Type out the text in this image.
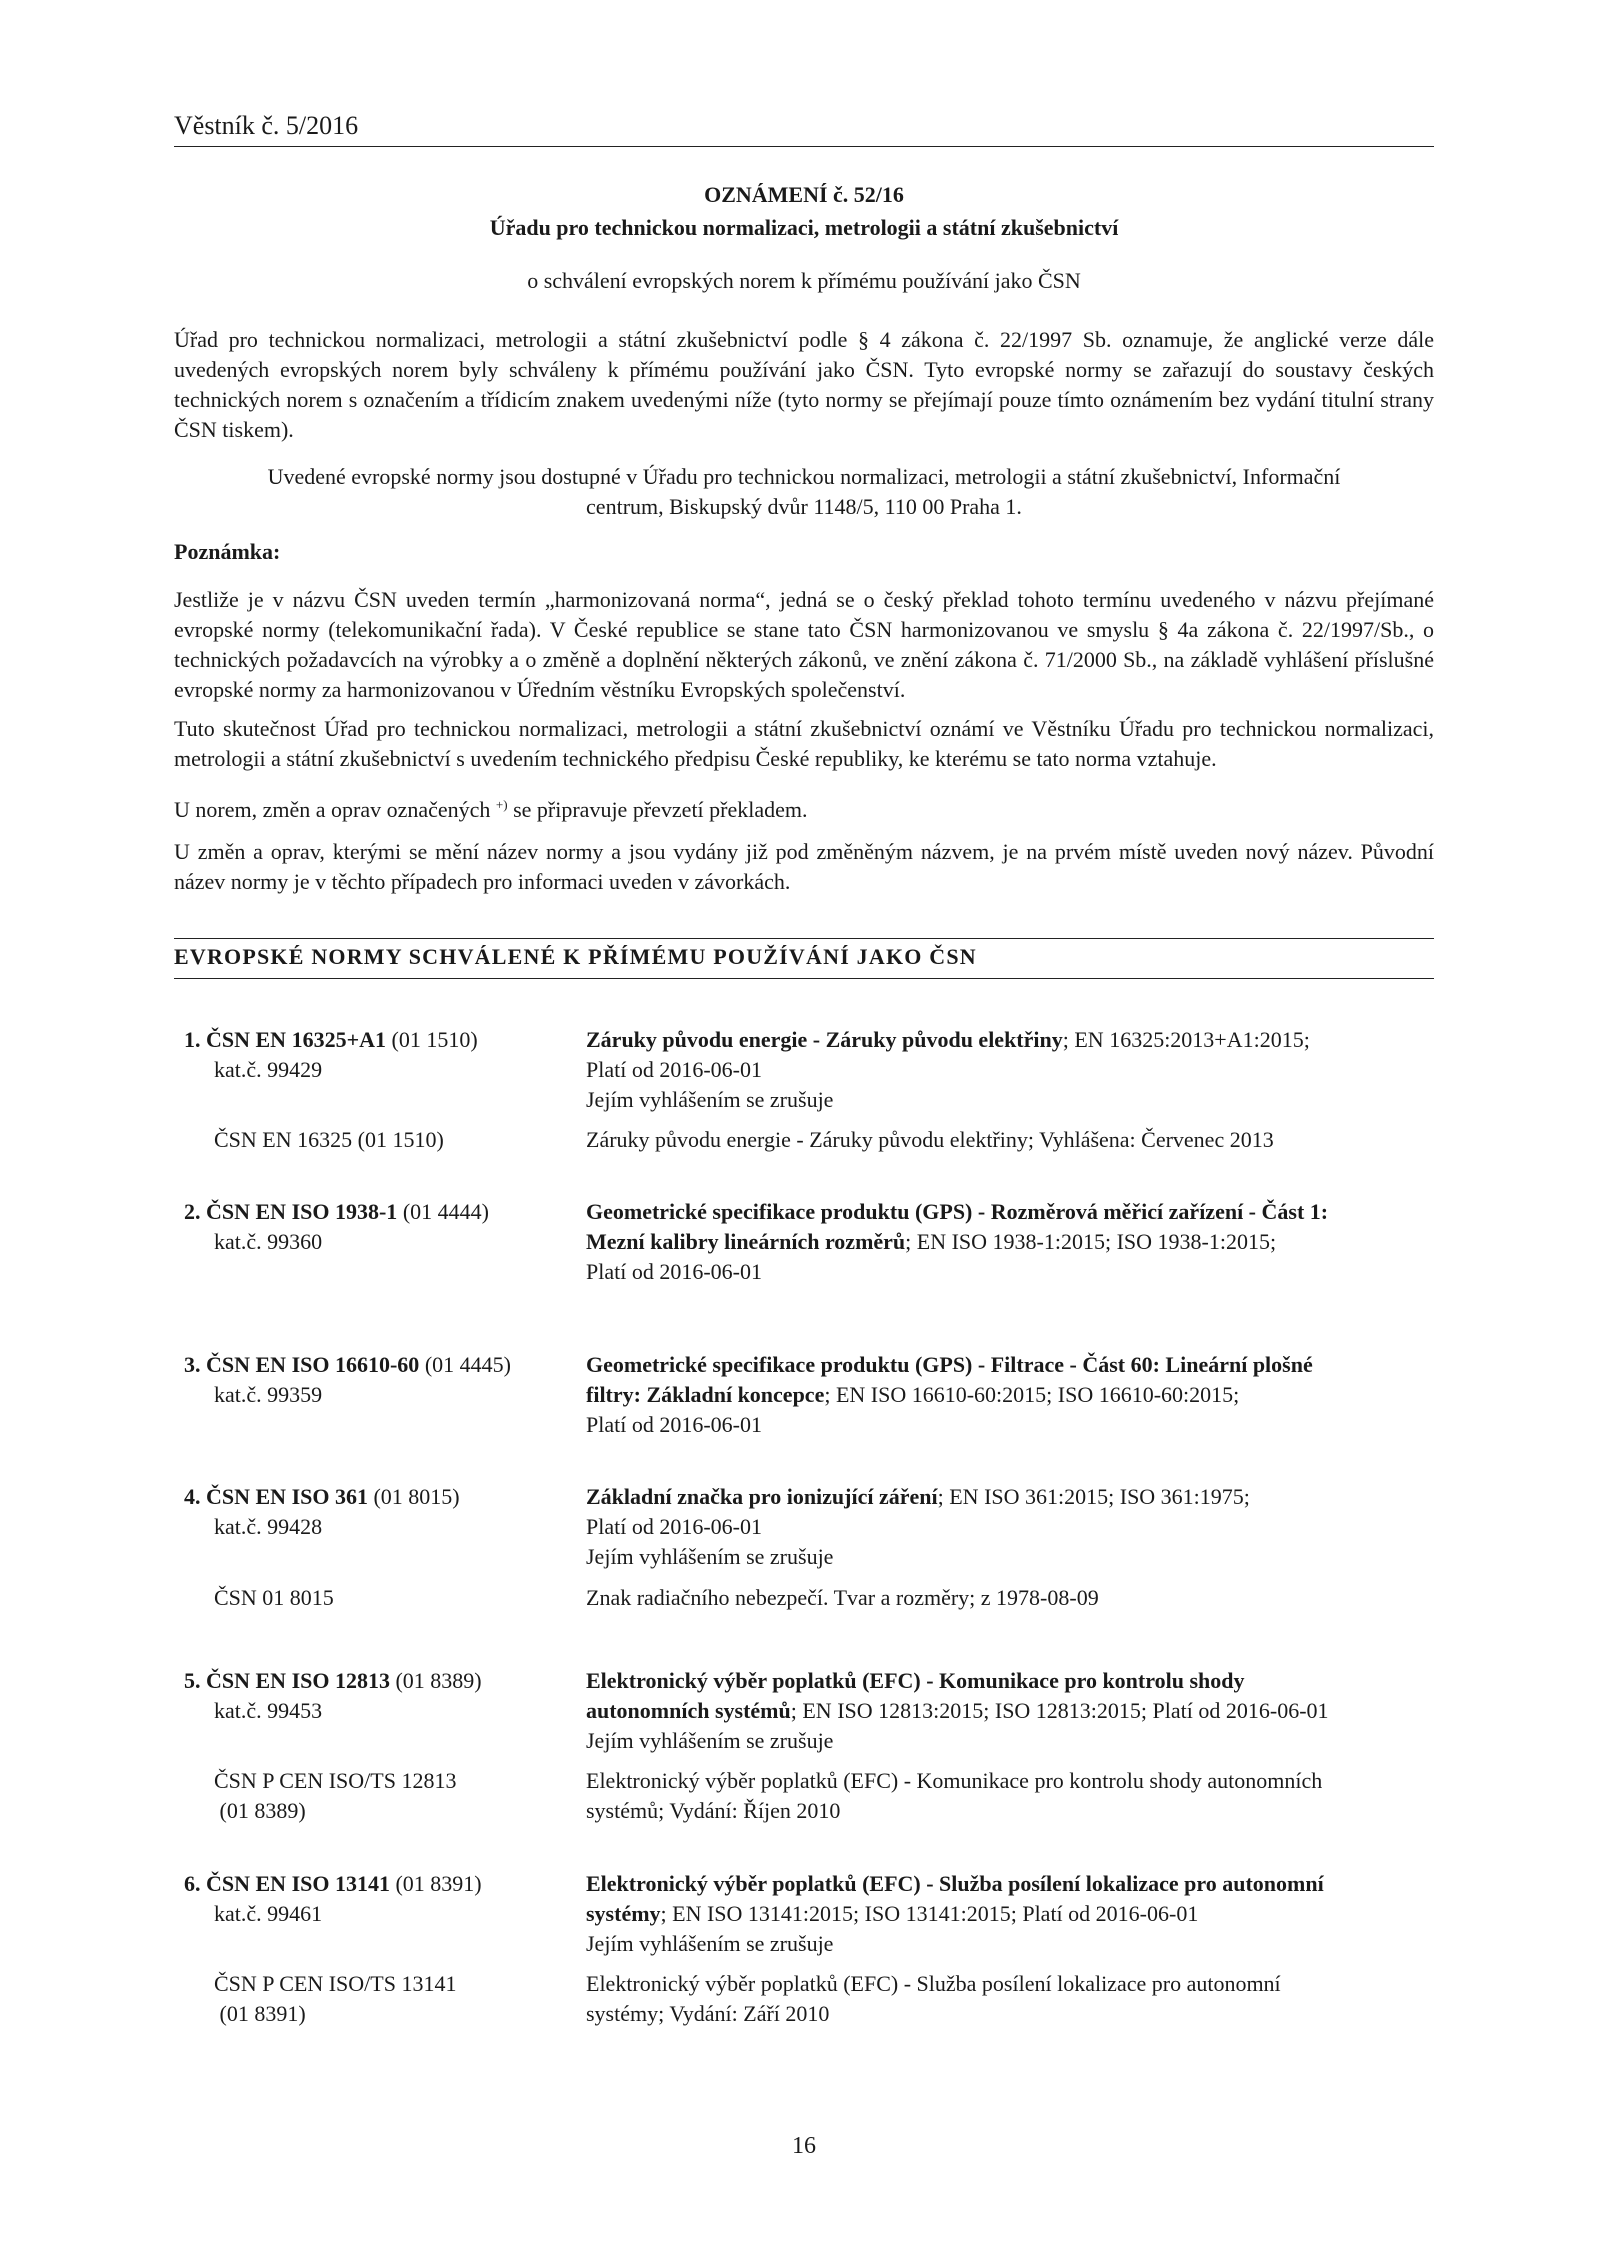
Věstník č. 5/2016
OZNÁMENÍ č. 52/16
Úřadu pro technickou normalizaci, metrologii a státní zkušebnictví
o schválení evropských norem k přímému používání jako ČSN
Úřad pro technickou normalizaci, metrologii a státní zkušebnictví podle § 4 zákona č. 22/1997 Sb. oznamuje, že anglické verze dále uvedených evropských norem byly schváleny k přímému používání jako ČSN. Tyto evropské normy se zařazují do soustavy českých technických norem s označením a třídicím znakem uvedenými níže (tyto normy se přejímají pouze tímto oznámením bez vydání titulní strany ČSN tiskem).
Uvedené evropské normy jsou dostupné v Úřadu pro technickou normalizaci, metrologii a státní zkušebnictví, Informační
centrum, Biskupský dvůr 1148/5, 110 00 Praha 1.
Poznámka:
Jestliže je v názvu ČSN uveden termín „harmonizovaná norma“, jedná se o český překlad tohoto termínu uvedeného v názvu přejímané evropské normy (telekomunikační řada). V České republice se stane tato ČSN harmonizovanou ve smyslu § 4a zákona č. 22/1997/Sb., o technických požadavcích na výrobky a o změně a doplnění některých zákonů, ve znění zákona č. 71/2000 Sb., na základě vyhlášení příslušné evropské normy za harmonizovanou v Úředním věstníku Evropských společenství.
Tuto skutečnost Úřad pro technickou normalizaci, metrologii a státní zkušebnictví oznámí ve Věstníku Úřadu pro technickou normalizaci, metrologii a státní zkušebnictví s uvedením technického předpisu České republiky, ke kterému se tato norma vztahuje.
U norem, změn a oprav označených +) se připravuje převzetí překladem.
U změn a oprav, kterými se mění název normy a jsou vydány již pod změněným názvem, je na prvém místě uveden nový název. Původní název normy je v těchto případech pro informaci uveden v závorkách.
EVROPSKÉ NORMY SCHVÁLENÉ K PŘÍMÉMU POUŽÍVÁNÍ JAKO ČSN
1. ČSN EN 16325+A1 (01 1510)
kat.č. 99429
Záruky původu energie - Záruky původu elektřiny; EN 16325:2013+A1:2015;
Platí od 2016-06-01
Jejím vyhlášením se zrušuje
ČSN EN 16325 (01 1510)	Záruky původu energie - Záruky původu elektřiny; Vyhlášena: Červenec 2013
2. ČSN EN ISO 1938-1 (01 4444)
kat.č. 99360
Geometrické specifikace produktu (GPS) - Rozměrová měřicí zařízení - Část 1:
Mezní kalibry lineárních rozměrů; EN ISO 1938-1:2015; ISO 1938-1:2015;
Platí od 2016-06-01
3. ČSN EN ISO 16610-60 (01 4445)
kat.č. 99359
Geometrické specifikace produktu (GPS) - Filtrace - Část 60: Lineární plošné
filtry: Základní koncepce; EN ISO 16610-60:2015; ISO 16610-60:2015;
Platí od 2016-06-01
4. ČSN EN ISO 361 (01 8015)
kat.č. 99428
Základní značka pro ionizující záření; EN ISO 361:2015; ISO 361:1975;
Platí od 2016-06-01
Jejím vyhlášením se zrušuje
ČSN 01 8015	Znak radiačního nebezpečí. Tvar a rozměry; z 1978-08-09
5. ČSN EN ISO 12813 (01 8389)
kat.č. 99453
Elektronický výběr poplatků (EFC) - Komunikace pro kontrolu shody
autonomních systémů; EN ISO 12813:2015; ISO 12813:2015; Platí od 2016-06-01
Jejím vyhlášením se zrušuje
ČSN P CEN ISO/TS 12813
(01 8389)
Elektronický výběr poplatků (EFC) - Komunikace pro kontrolu shody autonomních
systémů; Vydání: Říjen 2010
6. ČSN EN ISO 13141 (01 8391)
kat.č. 99461
Elektronický výběr poplatků (EFC) - Služba posílení lokalizace pro autonomní
systémy; EN ISO 13141:2015; ISO 13141:2015; Platí od 2016-06-01
Jejím vyhlášením se zrušuje
ČSN P CEN ISO/TS 13141
(01 8391)
Elektronický výběr poplatků (EFC) - Služba posílení lokalizace pro autonomní
systémy; Vydání: Září 2010
16
